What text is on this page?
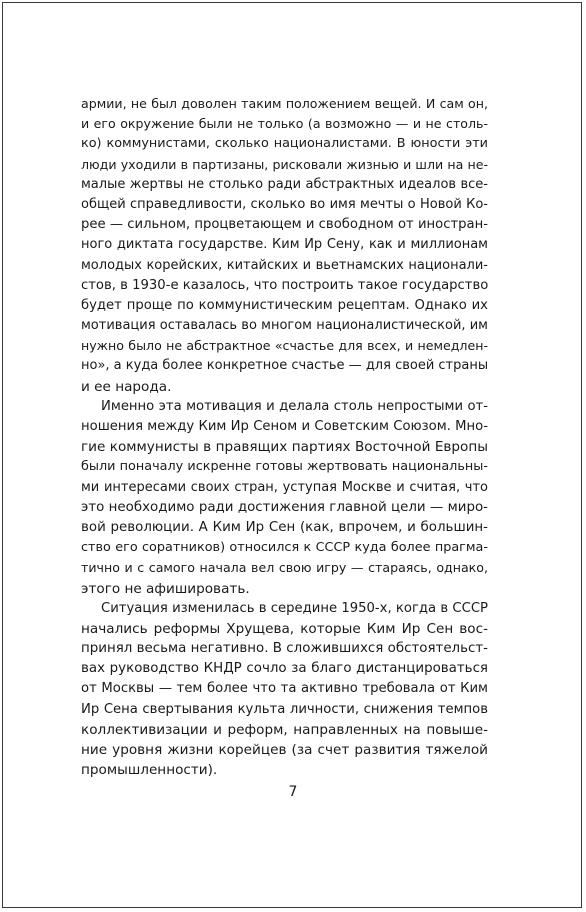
армии, не был доволен таким положением вещей. И сам он,
и его окружение были не только (а возможно — и не столь-
ко) коммунистами, сколько националистами. В юности эти
люди уходили в партизаны, рисковали жизнью и шли на не-
малые жертвы не столько ради абстрактных идеалов все-
общей справедливости, сколько во имя мечты о Новой Ко-
рее — сильном, процветающем и свободном от иностран-
ного диктата государстве. Ким Ир Сену, как и миллионам
молодых корейских, китайских и вьетнамских национали-
стов, в 1930-е казалось, что построить такое государство
будет проще по коммунистическим рецептам. Однако их
мотивация оставалась во многом националистической, им
нужно было не абстрактное «счастье для всех, и немедлен-
но», а куда более конкретное счастье — для своей страны
и ее народа.
Именно эта мотивация и делала столь непростыми от-
ношения между Ким Ир Сеном и Советским Союзом. Мно-
гие коммунисты в правящих партиях Восточной Европы
были поначалу искренне готовы жертвовать национальны-
ми интересами своих стран, уступая Москве и считая, что
это необходимо ради достижения главной цели — миро-
вой революции. А Ким Ир Сен (как, впрочем, и большин-
ство его соратников) относился к СССР куда более прагма-
тично и с самого начала вел свою игру — стараясь, однако,
этого не афишировать.
Ситуация изменилась в середине 1950-х, когда в СССР
начались реформы Хрущева, которые Ким Ир Сен вос-
принял весьма негативно. В сложившихся обстоятельст-
вах руководство КНДР сочло за благо дистанцироваться
от Москвы — тем более что та активно требовала от Ким
Ир Сена свертывания культа личности, снижения темпов
коллективизации и реформ, направленных на повыше-
ние уровня жизни корейцев (за счет развития тяжелой
промышленности).
7
